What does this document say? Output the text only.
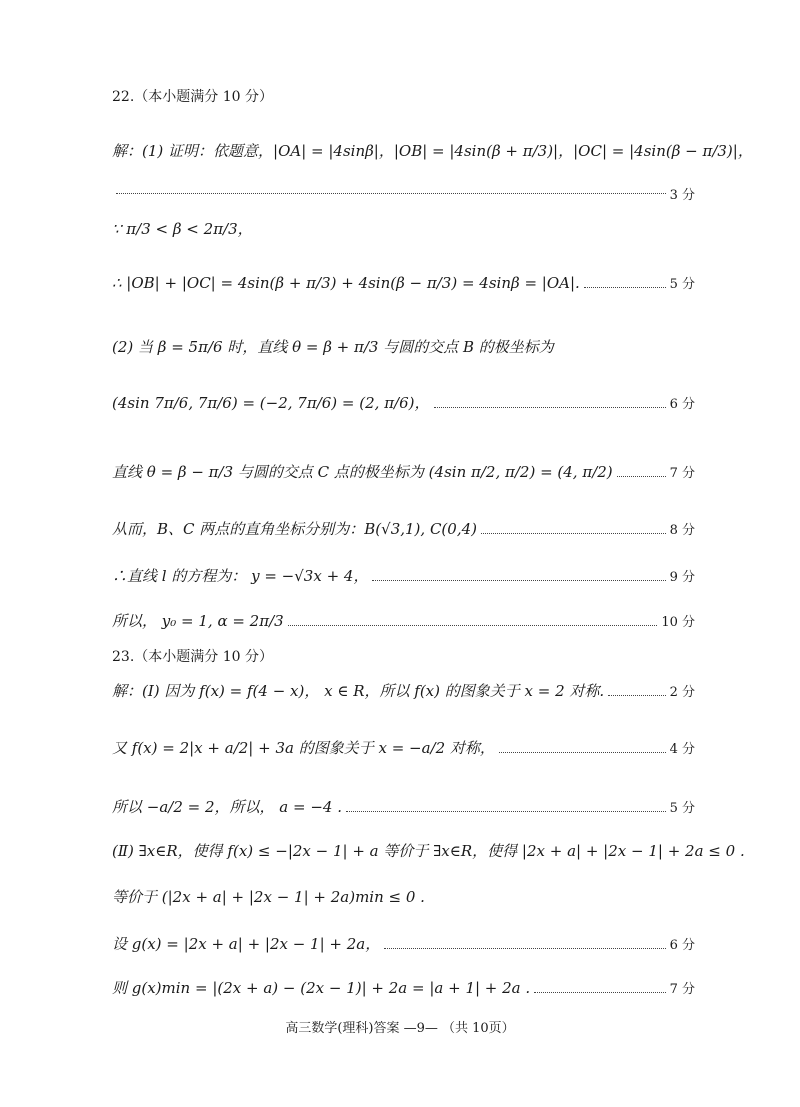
22.（本小题满分 10 分）
解：(1) 证明：依题意，|OA| = |4sinβ|，|OB| = |4sin(β + π/3)|，|OC| = |4sin(β − π/3)|，
3 分
∵ π/3 < β < 2π/3，
∴ |OB| + |OC| = 4sin(β + π/3) + 4sin(β − π/3) = 4sinβ = |OA|.	5 分
(2) 当 β = 5π/6 时，直线 θ = β + π/3 与圆的交点 B 的极坐标为
(4sin 7π/6, 7π/6) = (−2, 7π/6) = (2, π/6)，	6 分
直线 θ = β − π/3 与圆的交点 C 点的极坐标为 (4sin π/2, π/2) = (4, π/2)	7 分
从而，B、C 两点的直角坐标分别为：B(√3,1), C(0,4)	8 分
∴直线 l 的方程为： y = −√3x + 4，	9 分
所以， y₀ = 1, α = 2π/3	10 分
23.（本小题满分 10 分）
解：(Ⅰ) 因为 f(x) = f(4 − x)， x ∈ R，所以 f(x) 的图象关于 x = 2 对称.	2 分
又 f(x) = 2|x + a/2| + 3a 的图象关于 x = −a/2 对称，	4 分
所以 −a/2 = 2，所以， a = −4 .	5 分
(Ⅱ) ∃x∈R，使得 f(x) ≤ −|2x − 1| + a 等价于 ∃x∈R，使得 |2x + a| + |2x − 1| + 2a ≤ 0 .
等价于 (|2x + a| + |2x − 1| + 2a)min ≤ 0 .
设 g(x) = |2x + a| + |2x − 1| + 2a，	6 分
则 g(x)min = |(2x + a) − (2x − 1)| + 2a = |a + 1| + 2a .	7 分
高三数学(理科)答案 —9— （共 10页）
